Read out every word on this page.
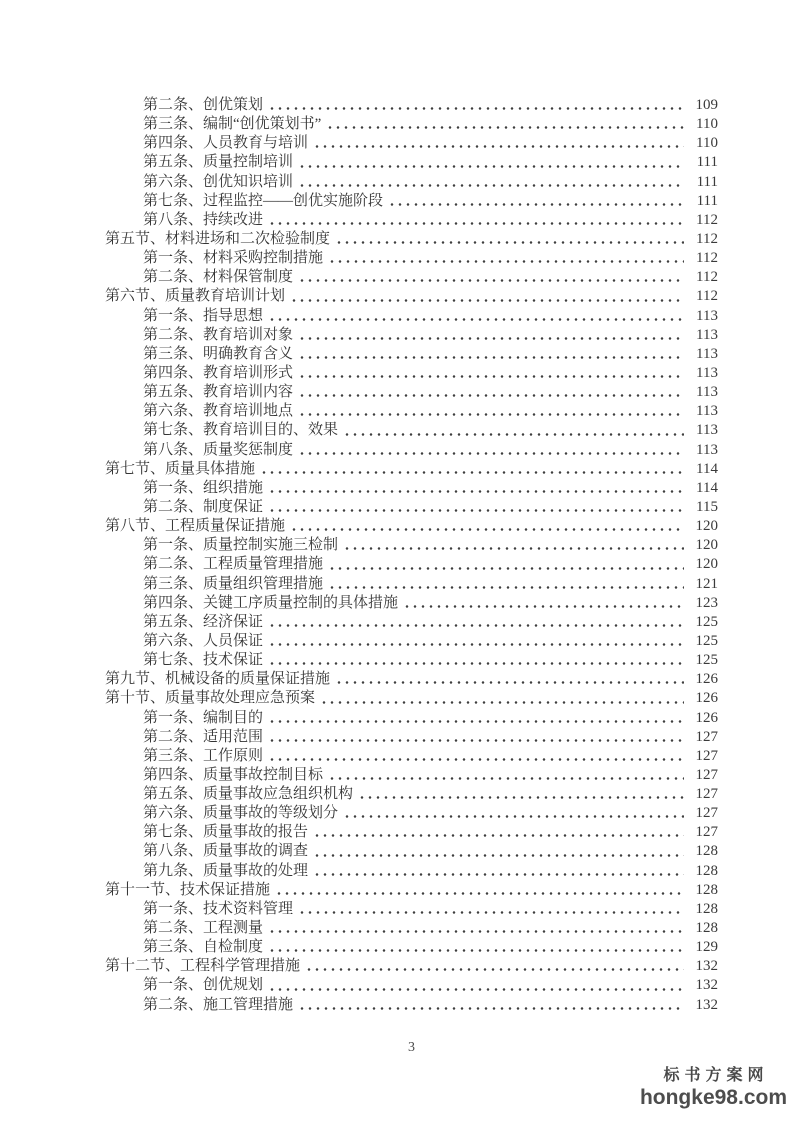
第二条、创优策划	109
第三条、编制“创优策划书”	110
第四条、人员教育与培训	110
第五条、质量控制培训	111
第六条、创优知识培训	111
第七条、过程监控——创优实施阶段	111
第八条、持续改进	112
第五节、材料进场和二次检验制度	112
第一条、材料采购控制措施	112
第二条、材料保管制度	112
第六节、质量教育培训计划	112
第一条、指导思想	113
第二条、教育培训对象	113
第三条、明确教育含义	113
第四条、教育培训形式	113
第五条、教育培训内容	113
第六条、教育培训地点	113
第七条、教育培训目的、效果	113
第八条、质量奖惩制度	113
第七节、质量具体措施	114
第一条、组织措施	114
第二条、制度保证	115
第八节、工程质量保证措施	120
第一条、质量控制实施三检制	120
第二条、工程质量管理措施	120
第三条、质量组织管理措施	121
第四条、关键工序质量控制的具体措施	123
第五条、经济保证	125
第六条、人员保证	125
第七条、技术保证	125
第九节、机械设备的质量保证措施	126
第十节、质量事故处理应急预案	126
第一条、编制目的	126
第二条、适用范围	127
第三条、工作原则	127
第四条、质量事故控制目标	127
第五条、质量事故应急组织机构	127
第六条、质量事故的等级划分	127
第七条、质量事故的报告	127
第八条、质量事故的调查	128
第九条、质量事故的处理	128
第十一节、技术保证措施	128
第一条、技术资料管理	128
第二条、工程测量	128
第三条、自检制度	129
第十二节、工程科学管理措施	132
第一条、创优规划	132
第二条、施工管理措施	132
3
标书方案网
hongke98.com
